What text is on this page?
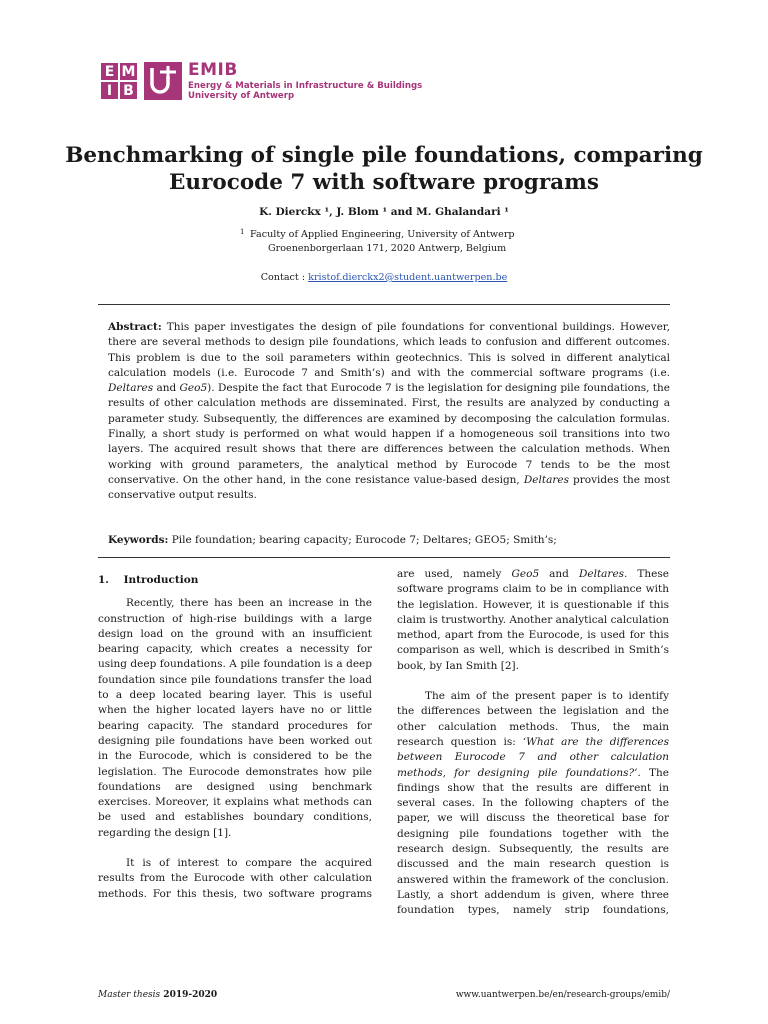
E M
I B
EMIB
Energy & Materials in Infrastructure & Buildings
University of Antwerp
Benchmarking of single pile foundations, comparing
Eurocode 7 with software programs
K. Dierckx ¹, J. Blom ¹ and M. Ghalandari ¹
1 Faculty of Applied Engineering, University of Antwerp
Groenenborgerlaan 171, 2020 Antwerp, Belgium
Contact : kristof.dierckx2@student.uantwerpen.be
Abstract: This paper investigates the design of pile foundations for conventional buildings. However, there are several methods to design pile foundations, which leads to confusion and different outcomes. This problem is due to the soil parameters within geotechnics. This is solved in different analytical calculation models (i.e. Eurocode 7 and Smith’s) and with the commercial software programs (i.e. Deltares and Geo5). Despite the fact that Eurocode 7 is the legislation for designing pile foundations, the results of other calculation methods are disseminated. First, the results are analyzed by conducting a parameter study. Subsequently, the differences are examined by decomposing the calculation formulas. Finally, a short study is performed on what would happen if a homogeneous soil transitions into two layers. The acquired result shows that there are differences between the calculation methods. When working with ground parameters, the analytical method by Eurocode 7 tends to be the most conservative. On the other hand, in the cone resistance value-based design, Deltares provides the most conservative output results.
Keywords: Pile foundation; bearing capacity; Eurocode 7; Deltares; GEO5; Smith’s;

1.    Introduction

Recently, there has been an increase in the construction of high-rise buildings with a large design load on the ground with an insufficient bearing capacity, which creates a necessity for using deep foundations. A pile foundation is a deep foundation since pile foundations transfer the load to a deep located bearing layer. This is useful when the higher located layers have no or little bearing capacity. The standard procedures for designing pile foundations have been worked out in the Eurocode, which is considered to be the legislation. The Eurocode demonstrates how pile foundations are designed using benchmark exercises. Moreover, it explains what methods can be used and establishes boundary conditions, regarding the design [1].

It is of interest to compare the acquired results from the Eurocode with other calculation methods. For this thesis, two software programs

are used, namely Geo5 and Deltares. These software programs claim to be in compliance with the legislation. However, it is questionable if this claim is trustworthy. Another analytical calculation method, apart from the Eurocode, is used for this comparison as well, which is described in Smith’s book, by Ian Smith [2].

The aim of the present paper is to identify the differences between the legislation and the other calculation methods. Thus, the main research question is: ‘What are the differences between Eurocode 7 and other calculation methods, for designing pile foundations?’. The findings show that the results are different in several cases. In the following chapters of the paper, we will discuss the theoretical base for designing pile foundations together with the research design. Subsequently, the results are discussed and the main research question is answered within the framework of the conclusion. Lastly, a short addendum is given, where three foundation types, namely strip foundations,

Master thesis 2019-2020	www.uantwerpen.be/en/research-groups/emib/
